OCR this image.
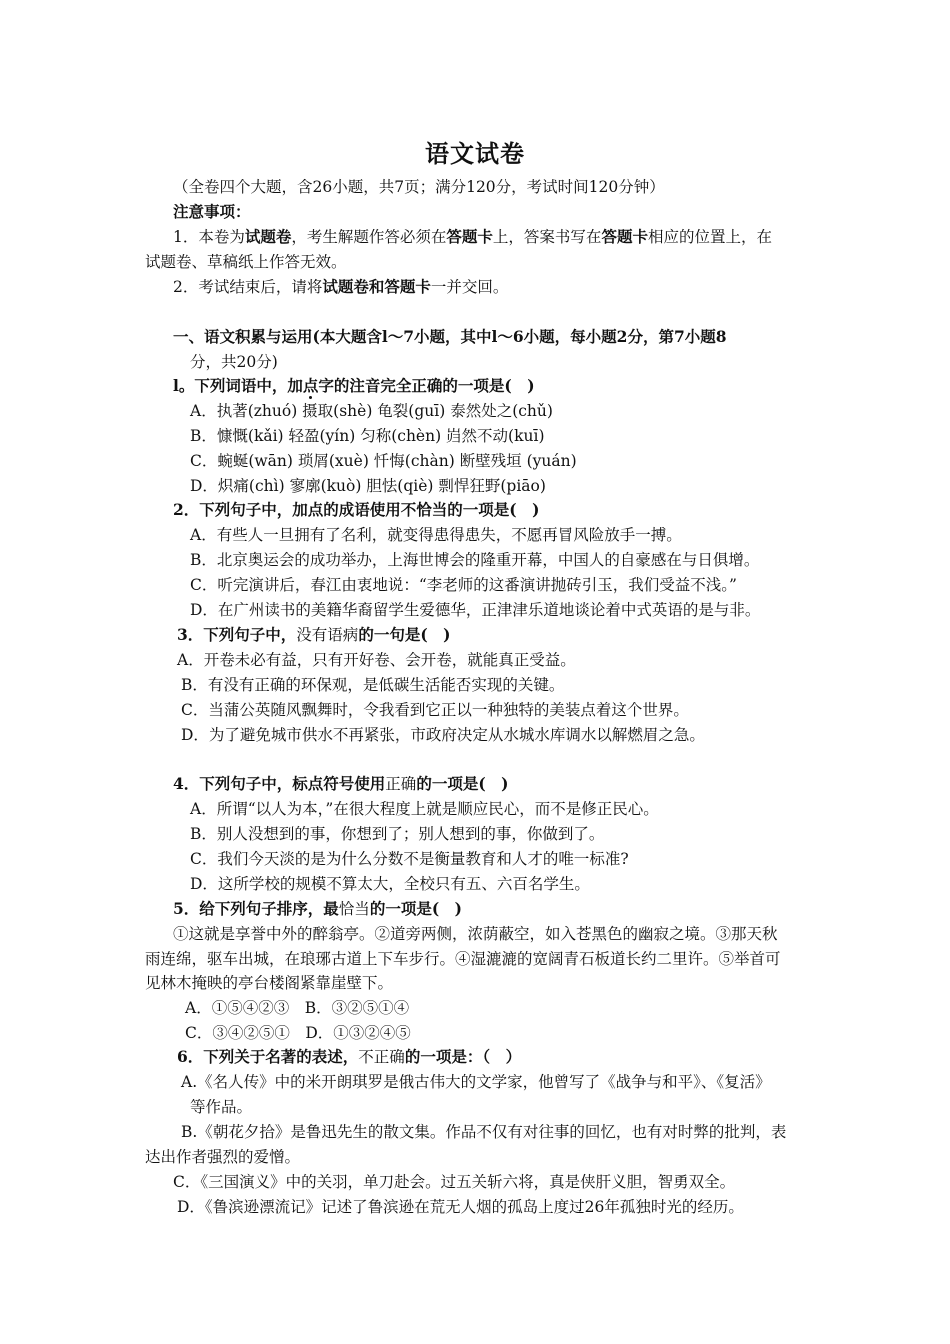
语文试卷
（全卷四个大题，含26小题，共7页；满分120分，考试时间120分钟）
注意事项：
1．本卷为试题卷，考生解题作答必须在答题卡上，答案书写在答题卡相应的位置上，在
试题卷、草稿纸上作答无效。
2．考试结束后，请将试题卷和答题卡一并交回。
一、语文积累与运用(本大题含l～7小题，其中l～6小题，每小题2分，第7小题8
分，共20分)
l。下列词语中，加点字的注音完全正确的一项是(　)
A．执著(zhuó) 摄取(shè) 龟裂(guī) 泰然处之(chǔ)
B．慷慨(kǎi) 轻盈(yín) 匀称(chèn) 岿然不动(kuī)
C．蜿蜒(wān) 琐屑(xuè) 忏悔(chàn) 断壁残垣 (yuán)
D．炽痛(chì) 寥廓(kuò) 胆怯(qiè) 剽悍狂野(piāo)
2．下列句子中，加点的成语使用不恰当的一项是(　)
A．有些人一旦拥有了名利，就变得患得患失，不愿再冒风险放手一搏。
B．北京奥运会的成功举办，上海世博会的隆重开幕，中国人的自豪感在与日俱增。
C．听完演讲后，春江由衷地说：“李老师的这番演讲抛砖引玉，我们受益不浅。”
D．在广州读书的美籍华裔留学生爱德华，正津津乐道地谈论着中式英语的是与非。
3．下列句子中，没有语病的一句是(　)
A．开卷未必有益，只有开好卷、会开卷，就能真正受益。
B．有没有正确的环保观，是低碳生活能否实现的关键。
C．当蒲公英随风飘舞时，令我看到它正以一种独特的美装点着这个世界。
D．为了避免城市供水不再紧张，市政府决定从水城水库调水以解燃眉之急。
4．下列句子中，标点符号使用正确的一项是(　)
A．所谓“以人为本，”在很大程度上就是顺应民心，而不是修正民心。
B．别人没想到的事，你想到了；别人想到的事，你做到了。
C．我们今天淡的是为什么分数不是衡量教育和人才的唯一标准?
D．这所学校的规模不算太大，全校只有五、六百名学生。
5．给下列句子排序，最恰当的一项是(　)
①这就是享誉中外的醉翁亭。②道旁两侧，浓荫蔽空，如入苍黑色的幽寂之境。③那天秋
雨连绵，驱车出城，在琅琊古道上下车步行。④湿漉漉的宽阔青石板道长约二里许。⑤举首可
见林木掩映的亭台楼阁紧靠崖壁下。
A．①⑤④②③　B．③②⑤①④
C．③④②⑤①　D．①③②④⑤
6．下列关于名著的表述，不正确的一项是：（　）
A.《名人传》中的米开朗琪罗是俄古伟大的文学家，他曾写了《战争与和平》、《复活》
等作品。
B.《朝花夕拾》是鲁迅先生的散文集。作品不仅有对往事的回忆，也有对时弊的批判，表
达出作者强烈的爱憎。
C．《三国演义》中的关羽，单刀赴会。过五关斩六将，真是侠肝义胆，智勇双全。
D．《鲁滨逊漂流记》记述了鲁滨逊在荒无人烟的孤岛上度过26年孤独时光的经历。
